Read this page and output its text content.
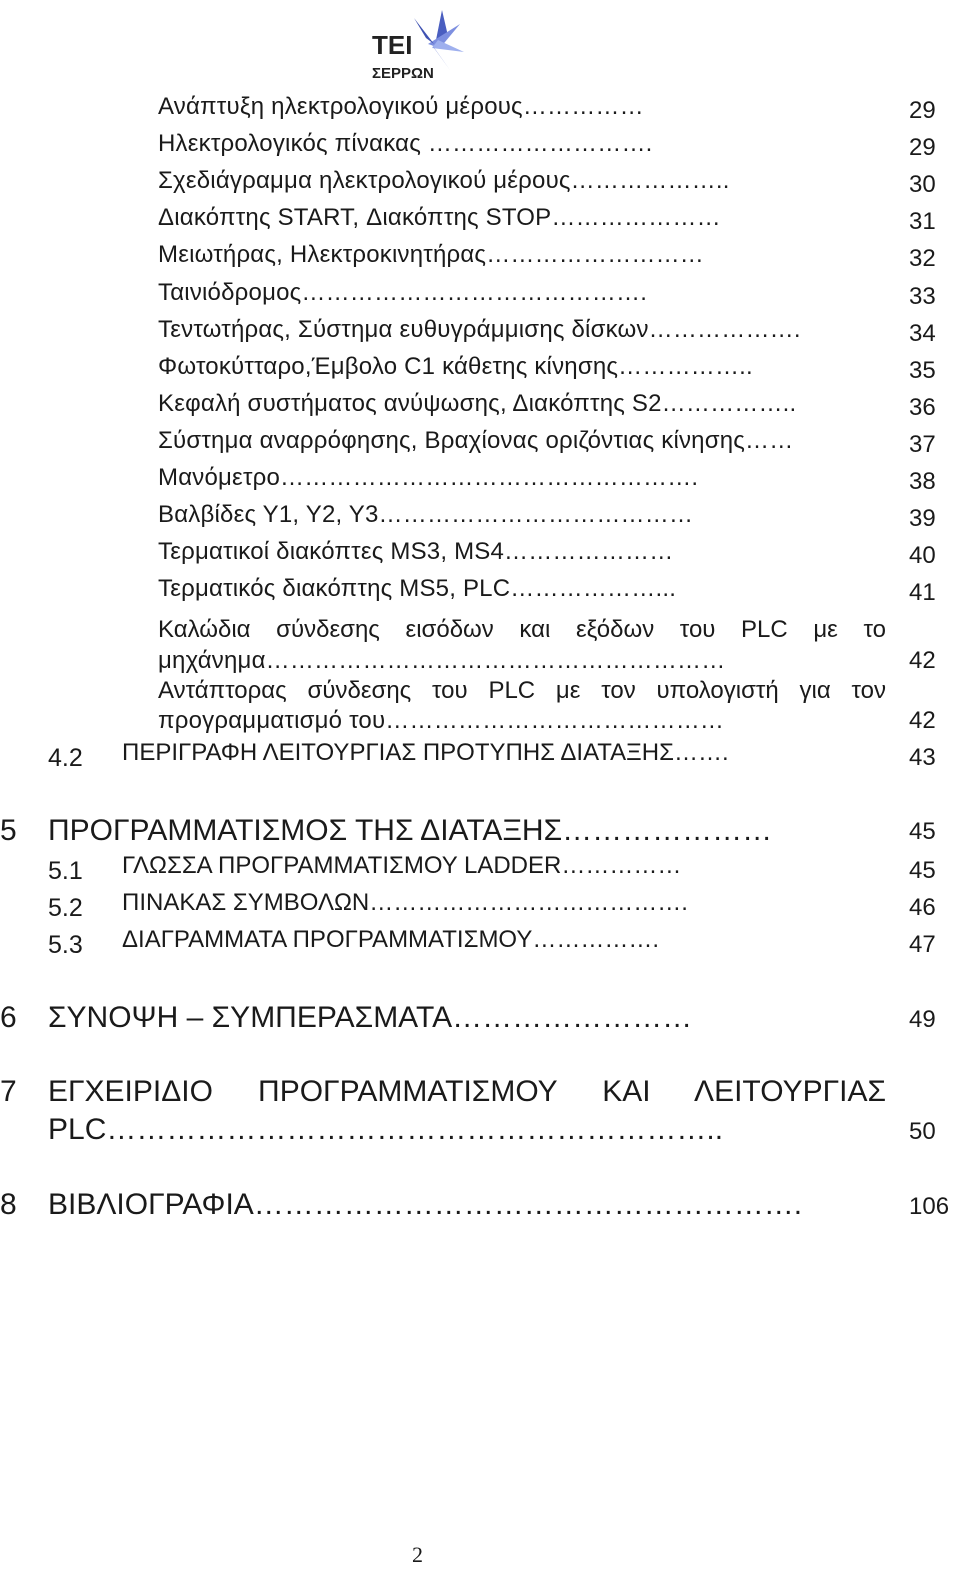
TEI
ΣΕΡΡΩΝ
Ανάπτυξη ηλεκτρολογικού μέρους……………	29
Ηλεκτρολογικός πίνακας ……………………….	29
Σχεδιάγραμμα ηλεκτρολογικού μέρους………………..	30
Διακόπτης START, Διακόπτης STOP…………………	31
Μειωτήρας, Ηλεκτροκινητήρας………………………	32
Ταινιόδρομος…………………………………….	33
Τεντωτήρας, Σύστημα ευθυγράμμισης δίσκων……………….	34
Φωτοκύτταρο,Έμβολο C1 κάθετης κίνησης……………..	35
Κεφαλή συστήματος ανύψωσης, Διακόπτης S2……………..	36
Σύστημα αναρρόφησης, Βραχίονας οριζόντιας κίνησης……	37
Μανόμετρο…………………………………………….	38
Βαλβίδες Υ1, Υ2, Υ3…………………………………	39
Τερματικοί διακόπτες MS3, MS4…………………	40
Τερματικός διακόπτης MS5, PLC………………...	41
Καλώδια σύνδεσης εισόδων και εξόδων του PLC με το
μηχάνημα…………………………………………………	42
Αντάπτορας σύνδεσης του PLC με τον υπολογιστή για τον
προγραμματισμό του……………………………………	42
4.2 ΠΕΡΙΓΡΑΦΗ ΛΕΙΤΟΥΡΓΙΑΣ ΠΡΟΤΥΠΗΣ ΔΙΑΤΑΞΗΣ…….	43
5 ΠΡΟΓΡΑΜΜΑΤΙΣΜΟΣ ΤΗΣ ΔΙΑΤΑΞΗΣ…………………	45
5.1 ΓΛΩΣΣΑ ΠΡΟΓΡΑΜΜΑΤΙΣΜΟΥ LADDER……………	45
5.2 ΠΙΝΑΚΑΣ ΣΥΜΒΟΛΩΝ………………………………….	46
5.3 ΔΙΑΓΡΑΜΜΑΤΑ ΠΡΟΓΡΑΜΜΑΤΙΣΜΟΥ…………….	47
6 ΣΥΝΟΨΗ – ΣΥΜΠΕΡΑΣΜΑΤΑ……………………	49
7 ΕΓΧΕΙΡΙΔΙΟ ΠΡΟΓΡΑΜΜΑΤΙΣΜΟΥ ΚΑΙ ΛΕΙΤΟΥΡΓΙΑΣ
PLC……………………………………………………..	50
8 ΒΙΒΛΙΟΓΡΑΦΙΑ……………………………………………….	106
2
